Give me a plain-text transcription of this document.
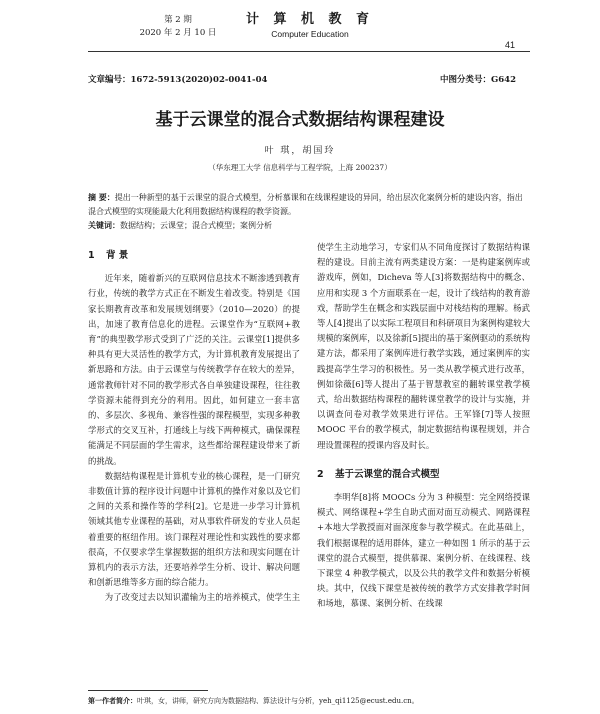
第 2 期
2020 年 2 月 10 日
计 算 机 教 育
Computer Education
41
文章编号：1672-5913(2020)02-0041-04	中图分类号：G642
基于云课堂的混合式数据结构课程建设
叶 琪，胡国玲
（华东理工大学 信息科学与工程学院，上海 200237）
摘 要：提出一种新型的基于云课堂的混合式模型，分析慕课和在线课程建设的异同，给出层次化案例分析的建设内容，指出混合式模型的实现能最大化利用数据结构课程的教学资源。
关键词：数据结构；云课堂；混合式模型；案例分析
1 背 景

近年来，随着新兴的互联网信息技术不断渗透到教育行业，传统的教学方式正在不断发生着改变。特别是《国家长期教育改革和发展规划纲要》（2010—2020）的提出，加速了教育信息化的进程。云课堂作为“互联网+教育”的典型教学形式受到了广泛的关注。云课堂[1]提供多种具有更大灵活性的教学方式，为计算机教育发展提出了新思路和方法。由于云课堂与传统教学存在较大的差异，通常教师针对不同的教学形式各自单独建设课程，往往教学资源未能得到充分的利用。因此，如何建立一套丰富的、多层次、多视角、兼容性强的课程模型，实现多种教学形式的交叉互补，打通线上与线下两种模式，确保课程能满足不同层面的学生需求，这些都给课程建设带来了新的挑战。

数据结构课程是计算机专业的核心课程，是一门研究非数值计算的程序设计问题中计算机的操作对象以及它们之间的关系和操作等的学科[2]。它是进一步学习计算机领域其他专业课程的基础，对从事软件研发的专业人员起着重要的枢纽作用。该门课程对理论性和实践性的要求都很高，不仅要求学生掌握数据的组织方法和现实问题在计算机内的表示方法，还要培养学生分析、设计、解决问题和创新思维等多方面的综合能力。

为了改变过去以知识灌输为主的培养模式，使学生主

使学生主动地学习，专家们从不同角度探讨了数据结构课程的建设。目前主流有两类建设方案：一是构建案例库或游戏库，例如，Dicheva 等人[3]将数据结构中的概念、应用和实现 3 个方面联系在一起，设计了线结构的教育游戏，帮助学生在概念和实践层面中对栈结构的理解。杨武等人[4]提出了以实际工程项目和科研项目为案例构建较大规模的案例库，以及徐新[5]提出的基于案例驱动的系统构建方法，都采用了案例库进行教学实践，通过案例库的实践提高学生学习的积极性。另一类从教学模式进行改革，例如徐薇[6]等人提出了基于智慧教室的翻转课堂教学模式，给出数据结构课程的翻转课堂教学的设计与实施，并以调查问卷对教学效果进行评估。王军锋[7]等人按照 MOOC 平台的教学模式，制定数据结构课程规划，并合理设置课程的授课内容及时长。

2 基于云课堂的混合式模型

李明华[8]将 MOOCs 分为 3 种模型：完全网络授课模式、网络课程+学生自助式面对面互动模式、网路课程+本地大学教授面对面深度参与教学模式。在此基础上，我们根据课程的适用群体，建立一种如图 1 所示的基于云课堂的混合式模型，提供慕课、案例分析、在线课程、线下课堂 4 种教学模式，以及公共的教学文件和数据分析模块。其中，仅线下课堂是被传统的教学方式安排教学时间和场地，慕课、案例分析、在线课

第一作者简介：叶琪，女，讲师，研究方向为数据结构、算法设计与分析，yeh_qi1125@ecust.edu.cn。
